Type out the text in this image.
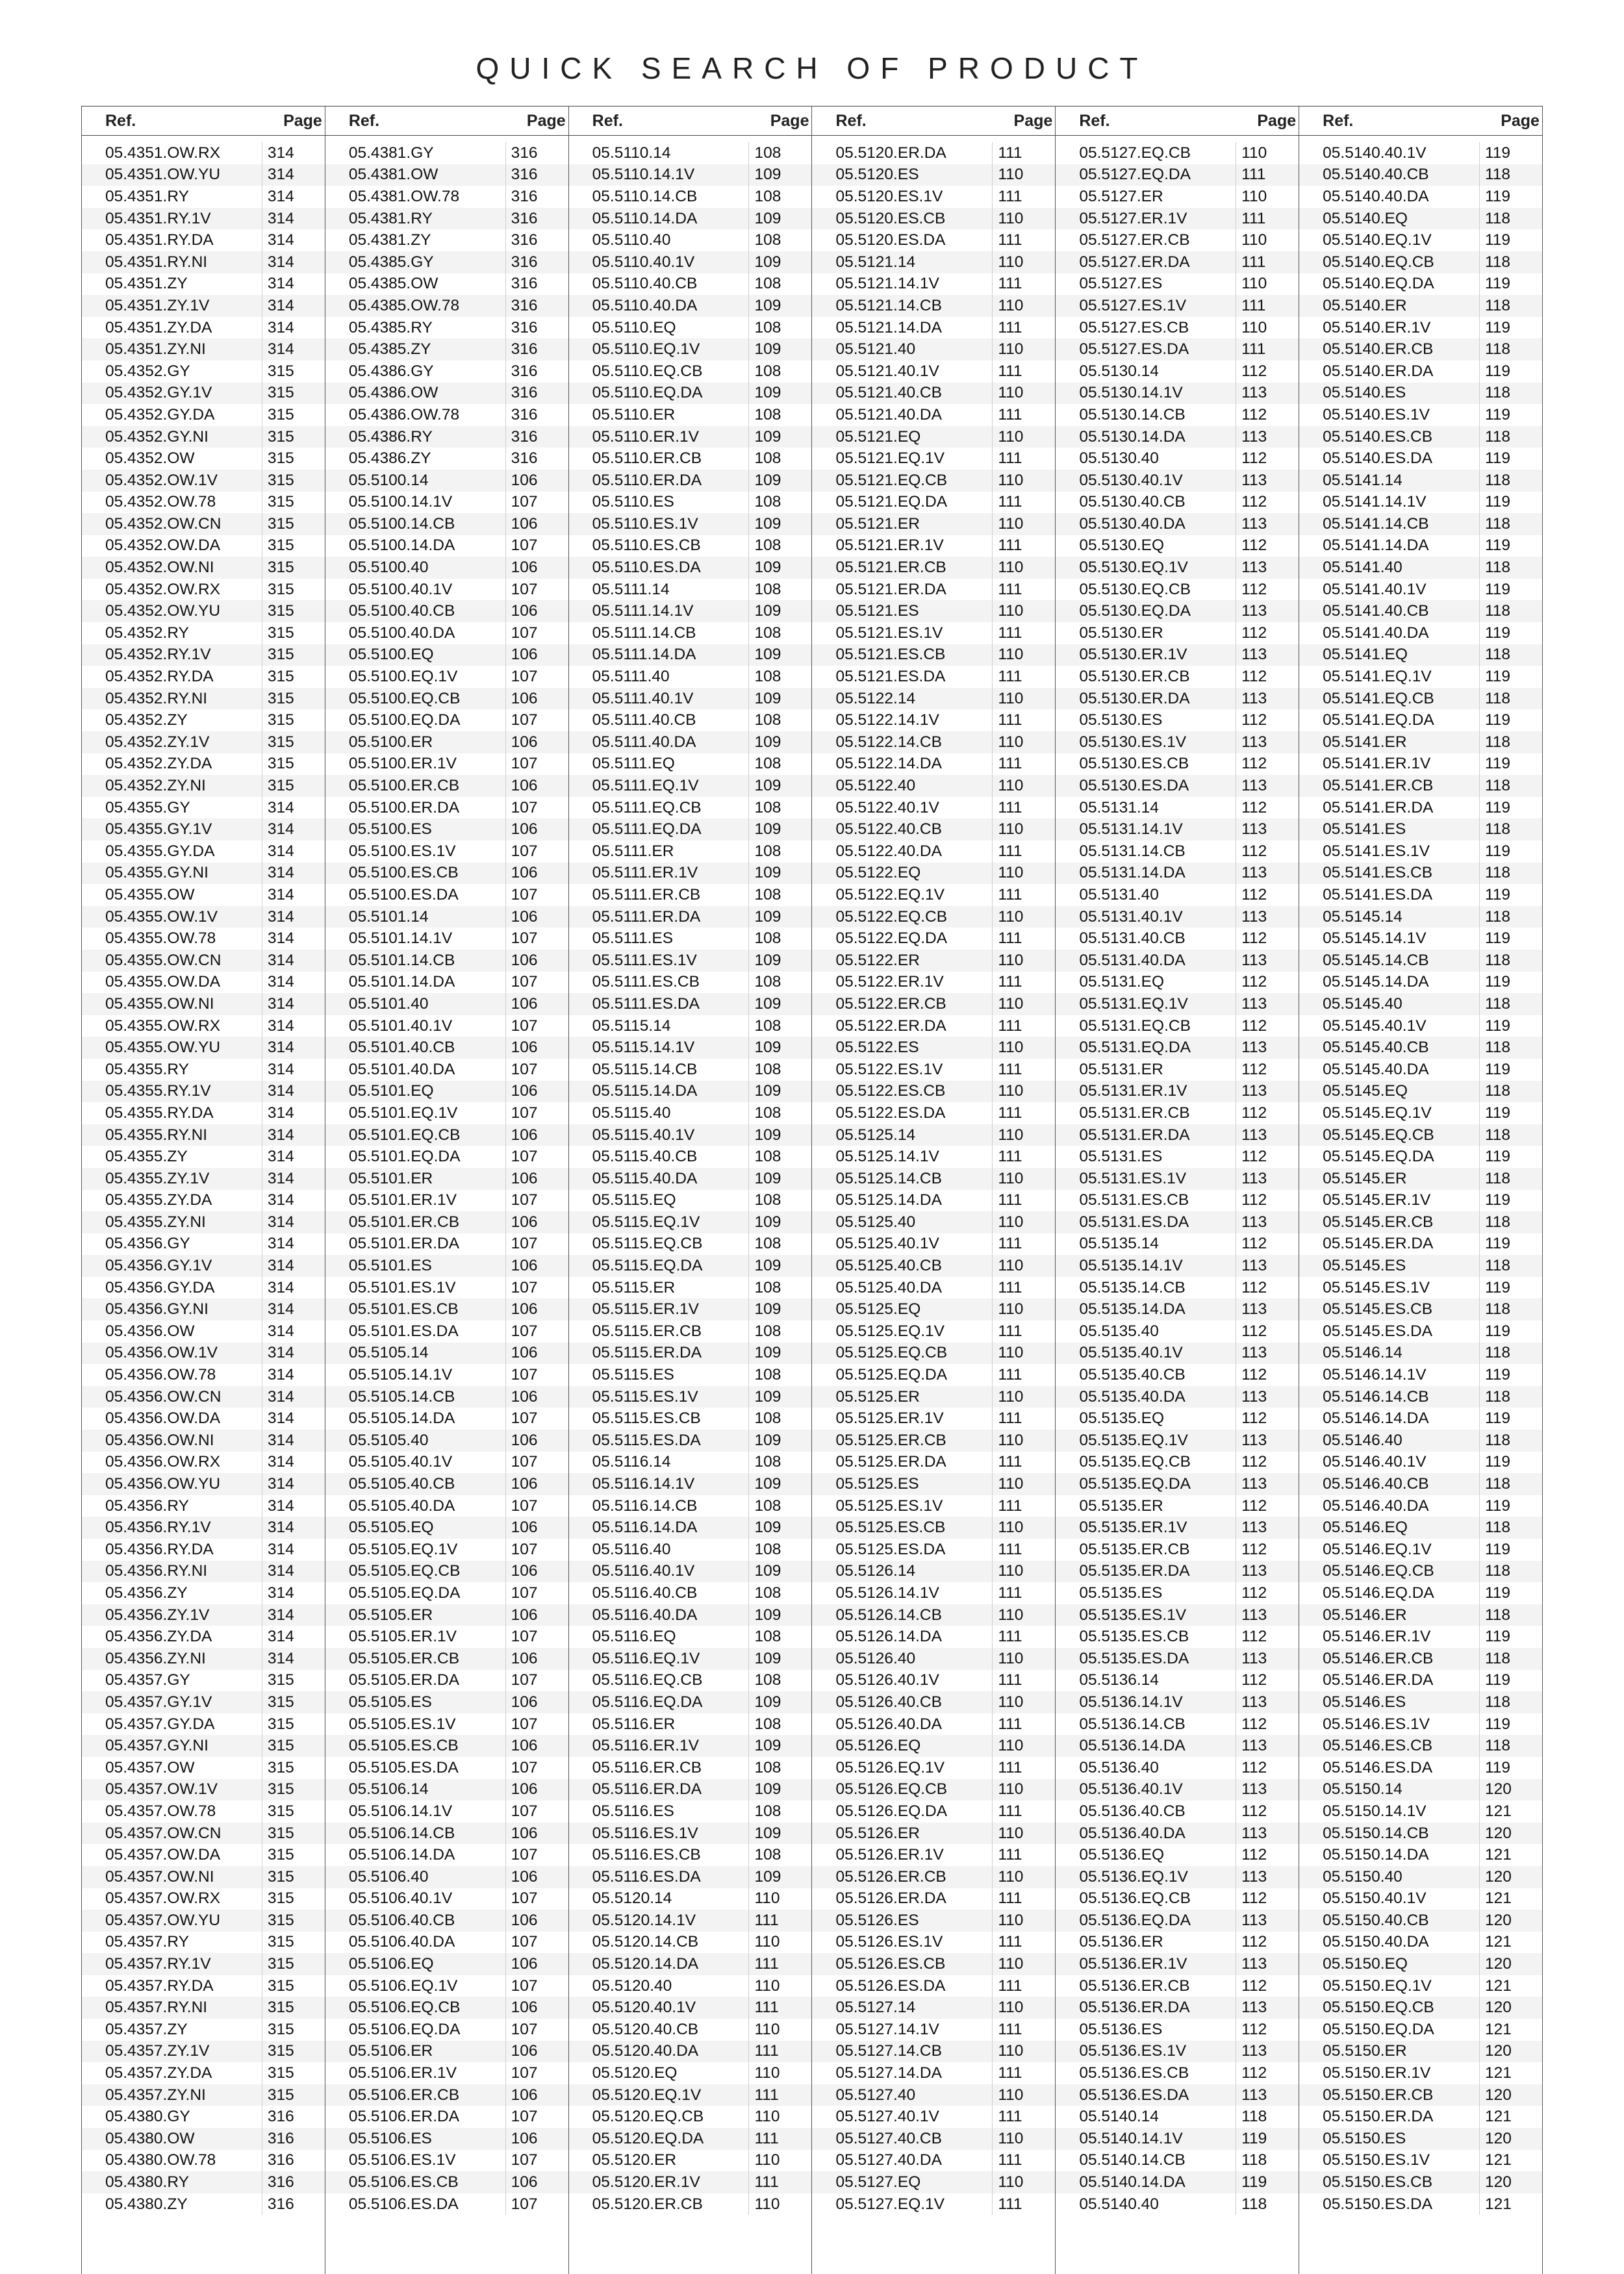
QUICK SEARCH OF PRODUCT
Ref.	Page
05.4351.OW.RX	314
05.4351.OW.YU	314
05.4351.RY	314
05.4351.RY.1V	314
05.4351.RY.DA	314
05.4351.RY.NI	314
05.4351.ZY	314
05.4351.ZY.1V	314
05.4351.ZY.DA	314
05.4351.ZY.NI	314
05.4352.GY	315
05.4352.GY.1V	315
05.4352.GY.DA	315
05.4352.GY.NI	315
05.4352.OW	315
05.4352.OW.1V	315
05.4352.OW.78	315
05.4352.OW.CN	315
05.4352.OW.DA	315
05.4352.OW.NI	315
05.4352.OW.RX	315
05.4352.OW.YU	315
05.4352.RY	315
05.4352.RY.1V	315
05.4352.RY.DA	315
05.4352.RY.NI	315
05.4352.ZY	315
05.4352.ZY.1V	315
05.4352.ZY.DA	315
05.4352.ZY.NI	315
05.4355.GY	314
05.4355.GY.1V	314
05.4355.GY.DA	314
05.4355.GY.NI	314
05.4355.OW	314
05.4355.OW.1V	314
05.4355.OW.78	314
05.4355.OW.CN	314
05.4355.OW.DA	314
05.4355.OW.NI	314
05.4355.OW.RX	314
05.4355.OW.YU	314
05.4355.RY	314
05.4355.RY.1V	314
05.4355.RY.DA	314
05.4355.RY.NI	314
05.4355.ZY	314
05.4355.ZY.1V	314
05.4355.ZY.DA	314
05.4355.ZY.NI	314
05.4356.GY	314
05.4356.GY.1V	314
05.4356.GY.DA	314
05.4356.GY.NI	314
05.4356.OW	314
05.4356.OW.1V	314
05.4356.OW.78	314
05.4356.OW.CN	314
05.4356.OW.DA	314
05.4356.OW.NI	314
05.4356.OW.RX	314
05.4356.OW.YU	314
05.4356.RY	314
05.4356.RY.1V	314
05.4356.RY.DA	314
05.4356.RY.NI	314
05.4356.ZY	314
05.4356.ZY.1V	314
05.4356.ZY.DA	314
05.4356.ZY.NI	314
05.4357.GY	315
05.4357.GY.1V	315
05.4357.GY.DA	315
05.4357.GY.NI	315
05.4357.OW	315
05.4357.OW.1V	315
05.4357.OW.78	315
05.4357.OW.CN	315
05.4357.OW.DA	315
05.4357.OW.NI	315
05.4357.OW.RX	315
05.4357.OW.YU	315
05.4357.RY	315
05.4357.RY.1V	315
05.4357.RY.DA	315
05.4357.RY.NI	315
05.4357.ZY	315
05.4357.ZY.1V	315
05.4357.ZY.DA	315
05.4357.ZY.NI	315
05.4380.GY	316
05.4380.OW	316
05.4380.OW.78	316
05.4380.RY	316
05.4380.ZY	316
Ref.	Page
05.4381.GY	316
05.4381.OW	316
05.4381.OW.78	316
05.4381.RY	316
05.4381.ZY	316
05.4385.GY	316
05.4385.OW	316
05.4385.OW.78	316
05.4385.RY	316
05.4385.ZY	316
05.4386.GY	316
05.4386.OW	316
05.4386.OW.78	316
05.4386.RY	316
05.4386.ZY	316
05.5100.14	106
05.5100.14.1V	107
05.5100.14.CB	106
05.5100.14.DA	107
05.5100.40	106
05.5100.40.1V	107
05.5100.40.CB	106
05.5100.40.DA	107
05.5100.EQ	106
05.5100.EQ.1V	107
05.5100.EQ.CB	106
05.5100.EQ.DA	107
05.5100.ER	106
05.5100.ER.1V	107
05.5100.ER.CB	106
05.5100.ER.DA	107
05.5100.ES	106
05.5100.ES.1V	107
05.5100.ES.CB	106
05.5100.ES.DA	107
05.5101.14	106
05.5101.14.1V	107
05.5101.14.CB	106
05.5101.14.DA	107
05.5101.40	106
05.5101.40.1V	107
05.5101.40.CB	106
05.5101.40.DA	107
05.5101.EQ	106
05.5101.EQ.1V	107
05.5101.EQ.CB	106
05.5101.EQ.DA	107
05.5101.ER	106
05.5101.ER.1V	107
05.5101.ER.CB	106
05.5101.ER.DA	107
05.5101.ES	106
05.5101.ES.1V	107
05.5101.ES.CB	106
05.5101.ES.DA	107
05.5105.14	106
05.5105.14.1V	107
05.5105.14.CB	106
05.5105.14.DA	107
05.5105.40	106
05.5105.40.1V	107
05.5105.40.CB	106
05.5105.40.DA	107
05.5105.EQ	106
05.5105.EQ.1V	107
05.5105.EQ.CB	106
05.5105.EQ.DA	107
05.5105.ER	106
05.5105.ER.1V	107
05.5105.ER.CB	106
05.5105.ER.DA	107
05.5105.ES	106
05.5105.ES.1V	107
05.5105.ES.CB	106
05.5105.ES.DA	107
05.5106.14	106
05.5106.14.1V	107
05.5106.14.CB	106
05.5106.14.DA	107
05.5106.40	106
05.5106.40.1V	107
05.5106.40.CB	106
05.5106.40.DA	107
05.5106.EQ	106
05.5106.EQ.1V	107
05.5106.EQ.CB	106
05.5106.EQ.DA	107
05.5106.ER	106
05.5106.ER.1V	107
05.5106.ER.CB	106
05.5106.ER.DA	107
05.5106.ES	106
05.5106.ES.1V	107
05.5106.ES.CB	106
05.5106.ES.DA	107
Ref.	Page
05.5110.14	108
05.5110.14.1V	109
05.5110.14.CB	108
05.5110.14.DA	109
05.5110.40	108
05.5110.40.1V	109
05.5110.40.CB	108
05.5110.40.DA	109
05.5110.EQ	108
05.5110.EQ.1V	109
05.5110.EQ.CB	108
05.5110.EQ.DA	109
05.5110.ER	108
05.5110.ER.1V	109
05.5110.ER.CB	108
05.5110.ER.DA	109
05.5110.ES	108
05.5110.ES.1V	109
05.5110.ES.CB	108
05.5110.ES.DA	109
05.5111.14	108
05.5111.14.1V	109
05.5111.14.CB	108
05.5111.14.DA	109
05.5111.40	108
05.5111.40.1V	109
05.5111.40.CB	108
05.5111.40.DA	109
05.5111.EQ	108
05.5111.EQ.1V	109
05.5111.EQ.CB	108
05.5111.EQ.DA	109
05.5111.ER	108
05.5111.ER.1V	109
05.5111.ER.CB	108
05.5111.ER.DA	109
05.5111.ES	108
05.5111.ES.1V	109
05.5111.ES.CB	108
05.5111.ES.DA	109
05.5115.14	108
05.5115.14.1V	109
05.5115.14.CB	108
05.5115.14.DA	109
05.5115.40	108
05.5115.40.1V	109
05.5115.40.CB	108
05.5115.40.DA	109
05.5115.EQ	108
05.5115.EQ.1V	109
05.5115.EQ.CB	108
05.5115.EQ.DA	109
05.5115.ER	108
05.5115.ER.1V	109
05.5115.ER.CB	108
05.5115.ER.DA	109
05.5115.ES	108
05.5115.ES.1V	109
05.5115.ES.CB	108
05.5115.ES.DA	109
05.5116.14	108
05.5116.14.1V	109
05.5116.14.CB	108
05.5116.14.DA	109
05.5116.40	108
05.5116.40.1V	109
05.5116.40.CB	108
05.5116.40.DA	109
05.5116.EQ	108
05.5116.EQ.1V	109
05.5116.EQ.CB	108
05.5116.EQ.DA	109
05.5116.ER	108
05.5116.ER.1V	109
05.5116.ER.CB	108
05.5116.ER.DA	109
05.5116.ES	108
05.5116.ES.1V	109
05.5116.ES.CB	108
05.5116.ES.DA	109
05.5120.14	110
05.5120.14.1V	111
05.5120.14.CB	110
05.5120.14.DA	111
05.5120.40	110
05.5120.40.1V	111
05.5120.40.CB	110
05.5120.40.DA	111
05.5120.EQ	110
05.5120.EQ.1V	111
05.5120.EQ.CB	110
05.5120.EQ.DA	111
05.5120.ER	110
05.5120.ER.1V	111
05.5120.ER.CB	110
Ref.	Page
05.5120.ER.DA	111
05.5120.ES	110
05.5120.ES.1V	111
05.5120.ES.CB	110
05.5120.ES.DA	111
05.5121.14	110
05.5121.14.1V	111
05.5121.14.CB	110
05.5121.14.DA	111
05.5121.40	110
05.5121.40.1V	111
05.5121.40.CB	110
05.5121.40.DA	111
05.5121.EQ	110
05.5121.EQ.1V	111
05.5121.EQ.CB	110
05.5121.EQ.DA	111
05.5121.ER	110
05.5121.ER.1V	111
05.5121.ER.CB	110
05.5121.ER.DA	111
05.5121.ES	110
05.5121.ES.1V	111
05.5121.ES.CB	110
05.5121.ES.DA	111
05.5122.14	110
05.5122.14.1V	111
05.5122.14.CB	110
05.5122.14.DA	111
05.5122.40	110
05.5122.40.1V	111
05.5122.40.CB	110
05.5122.40.DA	111
05.5122.EQ	110
05.5122.EQ.1V	111
05.5122.EQ.CB	110
05.5122.EQ.DA	111
05.5122.ER	110
05.5122.ER.1V	111
05.5122.ER.CB	110
05.5122.ER.DA	111
05.5122.ES	110
05.5122.ES.1V	111
05.5122.ES.CB	110
05.5122.ES.DA	111
05.5125.14	110
05.5125.14.1V	111
05.5125.14.CB	110
05.5125.14.DA	111
05.5125.40	110
05.5125.40.1V	111
05.5125.40.CB	110
05.5125.40.DA	111
05.5125.EQ	110
05.5125.EQ.1V	111
05.5125.EQ.CB	110
05.5125.EQ.DA	111
05.5125.ER	110
05.5125.ER.1V	111
05.5125.ER.CB	110
05.5125.ER.DA	111
05.5125.ES	110
05.5125.ES.1V	111
05.5125.ES.CB	110
05.5125.ES.DA	111
05.5126.14	110
05.5126.14.1V	111
05.5126.14.CB	110
05.5126.14.DA	111
05.5126.40	110
05.5126.40.1V	111
05.5126.40.CB	110
05.5126.40.DA	111
05.5126.EQ	110
05.5126.EQ.1V	111
05.5126.EQ.CB	110
05.5126.EQ.DA	111
05.5126.ER	110
05.5126.ER.1V	111
05.5126.ER.CB	110
05.5126.ER.DA	111
05.5126.ES	110
05.5126.ES.1V	111
05.5126.ES.CB	110
05.5126.ES.DA	111
05.5127.14	110
05.5127.14.1V	111
05.5127.14.CB	110
05.5127.14.DA	111
05.5127.40	110
05.5127.40.1V	111
05.5127.40.CB	110
05.5127.40.DA	111
05.5127.EQ	110
05.5127.EQ.1V	111
Ref.	Page
05.5127.EQ.CB	110
05.5127.EQ.DA	111
05.5127.ER	110
05.5127.ER.1V	111
05.5127.ER.CB	110
05.5127.ER.DA	111
05.5127.ES	110
05.5127.ES.1V	111
05.5127.ES.CB	110
05.5127.ES.DA	111
05.5130.14	112
05.5130.14.1V	113
05.5130.14.CB	112
05.5130.14.DA	113
05.5130.40	112
05.5130.40.1V	113
05.5130.40.CB	112
05.5130.40.DA	113
05.5130.EQ	112
05.5130.EQ.1V	113
05.5130.EQ.CB	112
05.5130.EQ.DA	113
05.5130.ER	112
05.5130.ER.1V	113
05.5130.ER.CB	112
05.5130.ER.DA	113
05.5130.ES	112
05.5130.ES.1V	113
05.5130.ES.CB	112
05.5130.ES.DA	113
05.5131.14	112
05.5131.14.1V	113
05.5131.14.CB	112
05.5131.14.DA	113
05.5131.40	112
05.5131.40.1V	113
05.5131.40.CB	112
05.5131.40.DA	113
05.5131.EQ	112
05.5131.EQ.1V	113
05.5131.EQ.CB	112
05.5131.EQ.DA	113
05.5131.ER	112
05.5131.ER.1V	113
05.5131.ER.CB	112
05.5131.ER.DA	113
05.5131.ES	112
05.5131.ES.1V	113
05.5131.ES.CB	112
05.5131.ES.DA	113
05.5135.14	112
05.5135.14.1V	113
05.5135.14.CB	112
05.5135.14.DA	113
05.5135.40	112
05.5135.40.1V	113
05.5135.40.CB	112
05.5135.40.DA	113
05.5135.EQ	112
05.5135.EQ.1V	113
05.5135.EQ.CB	112
05.5135.EQ.DA	113
05.5135.ER	112
05.5135.ER.1V	113
05.5135.ER.CB	112
05.5135.ER.DA	113
05.5135.ES	112
05.5135.ES.1V	113
05.5135.ES.CB	112
05.5135.ES.DA	113
05.5136.14	112
05.5136.14.1V	113
05.5136.14.CB	112
05.5136.14.DA	113
05.5136.40	112
05.5136.40.1V	113
05.5136.40.CB	112
05.5136.40.DA	113
05.5136.EQ	112
05.5136.EQ.1V	113
05.5136.EQ.CB	112
05.5136.EQ.DA	113
05.5136.ER	112
05.5136.ER.1V	113
05.5136.ER.CB	112
05.5136.ER.DA	113
05.5136.ES	112
05.5136.ES.1V	113
05.5136.ES.CB	112
05.5136.ES.DA	113
05.5140.14	118
05.5140.14.1V	119
05.5140.14.CB	118
05.5140.14.DA	119
05.5140.40	118
Ref.	Page
05.5140.40.1V	119
05.5140.40.CB	118
05.5140.40.DA	119
05.5140.EQ	118
05.5140.EQ.1V	119
05.5140.EQ.CB	118
05.5140.EQ.DA	119
05.5140.ER	118
05.5140.ER.1V	119
05.5140.ER.CB	118
05.5140.ER.DA	119
05.5140.ES	118
05.5140.ES.1V	119
05.5140.ES.CB	118
05.5140.ES.DA	119
05.5141.14	118
05.5141.14.1V	119
05.5141.14.CB	118
05.5141.14.DA	119
05.5141.40	118
05.5141.40.1V	119
05.5141.40.CB	118
05.5141.40.DA	119
05.5141.EQ	118
05.5141.EQ.1V	119
05.5141.EQ.CB	118
05.5141.EQ.DA	119
05.5141.ER	118
05.5141.ER.1V	119
05.5141.ER.CB	118
05.5141.ER.DA	119
05.5141.ES	118
05.5141.ES.1V	119
05.5141.ES.CB	118
05.5141.ES.DA	119
05.5145.14	118
05.5145.14.1V	119
05.5145.14.CB	118
05.5145.14.DA	119
05.5145.40	118
05.5145.40.1V	119
05.5145.40.CB	118
05.5145.40.DA	119
05.5145.EQ	118
05.5145.EQ.1V	119
05.5145.EQ.CB	118
05.5145.EQ.DA	119
05.5145.ER	118
05.5145.ER.1V	119
05.5145.ER.CB	118
05.5145.ER.DA	119
05.5145.ES	118
05.5145.ES.1V	119
05.5145.ES.CB	118
05.5145.ES.DA	119
05.5146.14	118
05.5146.14.1V	119
05.5146.14.CB	118
05.5146.14.DA	119
05.5146.40	118
05.5146.40.1V	119
05.5146.40.CB	118
05.5146.40.DA	119
05.5146.EQ	118
05.5146.EQ.1V	119
05.5146.EQ.CB	118
05.5146.EQ.DA	119
05.5146.ER	118
05.5146.ER.1V	119
05.5146.ER.CB	118
05.5146.ER.DA	119
05.5146.ES	118
05.5146.ES.1V	119
05.5146.ES.CB	118
05.5146.ES.DA	119
05.5150.14	120
05.5150.14.1V	121
05.5150.14.CB	120
05.5150.14.DA	121
05.5150.40	120
05.5150.40.1V	121
05.5150.40.CB	120
05.5150.40.DA	121
05.5150.EQ	120
05.5150.EQ.1V	121
05.5150.EQ.CB	120
05.5150.EQ.DA	121
05.5150.ER	120
05.5150.ER.1V	121
05.5150.ER.CB	120
05.5150.ER.DA	121
05.5150.ES	120
05.5150.ES.1V	121
05.5150.ES.CB	120
05.5150.ES.DA	121
